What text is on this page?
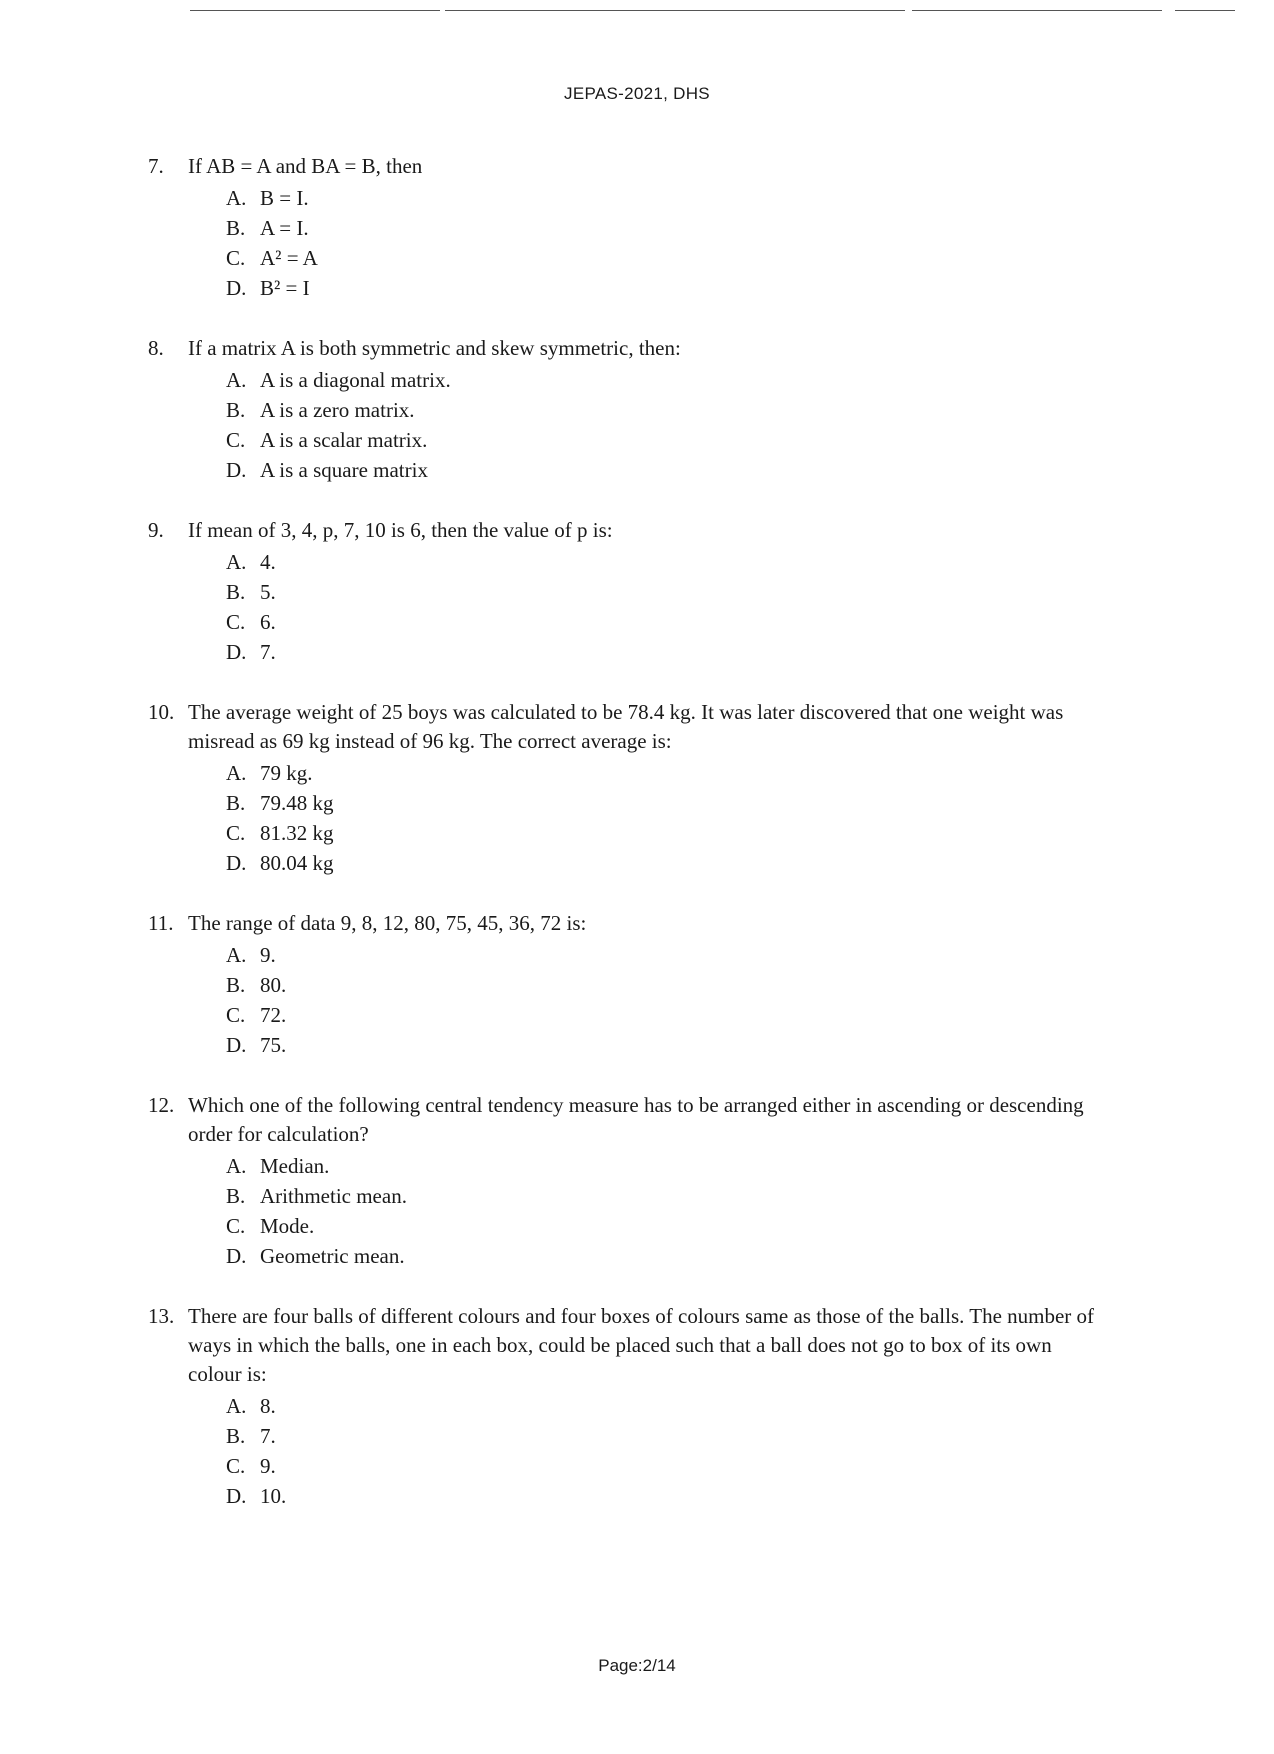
JEPAS-2021, DHS

7. If AB = A and BA = B, then

A. B = I.
B. A = I.
C. A² = A
D. B² = I

8. If a matrix A is both symmetric and skew symmetric, then:

A. A is a diagonal matrix.
B. A is a zero matrix.
C. A is a scalar matrix.
D. A is a square matrix

9. If mean of 3, 4, p, 7, 10 is 6, then the value of p is:

A. 4.
B. 5.
C. 6.
D. 7.

10. The average weight of 25 boys was calculated to be 78.4 kg. It was later discovered that one weight was misread as 69 kg instead of 96 kg. The correct average is:

A. 79 kg.
B. 79.48 kg
C. 81.32 kg
D. 80.04 kg

11. The range of data 9, 8, 12, 80, 75, 45, 36, 72 is:

A. 9.
B. 80.
C. 72.
D. 75.

12. Which one of the following central tendency measure has to be arranged either in ascending or descending order for calculation?

A. Median.
B. Arithmetic mean.
C. Mode.
D. Geometric mean.

13. There are four balls of different colours and four boxes of colours same as those of the balls. The number of ways in which the balls, one in each box, could be placed such that a ball does not go to box of its own colour is:

A. 8.
B. 7.
C. 9.
D. 10.
Page:2/14
